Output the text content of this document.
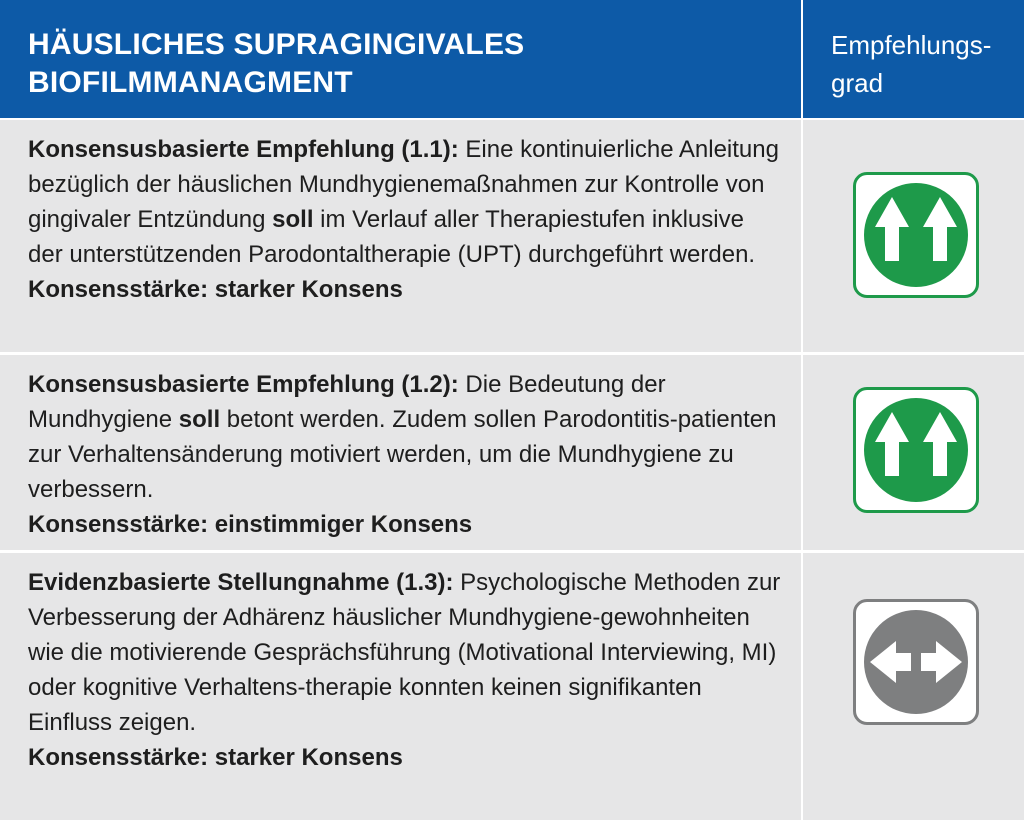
HÄUSLICHES SUPRAGINGIVALES
BIOFILMMANAGMENT
Empfehlungs-
grad
Konsensusbasierte Empfehlung (1.1): Eine kontinuierliche Anleitung bezüglich der häuslichen Mundhygienemaßnahmen zur Kontrolle von gingivaler Entzündung soll im Verlauf aller Therapiestufen inklusive der unterstützenden Parodontaltherapie (UPT) durchgeführt werden.
Konsensstärke: starker Konsens
Konsensusbasierte Empfehlung (1.2): Die Bedeutung der Mundhygiene soll betont werden. Zudem sollen Parodontitis-patienten zur Verhaltensänderung motiviert werden, um die Mundhygiene zu verbessern.
Konsensstärke: einstimmiger Konsens
Evidenzbasierte Stellungnahme (1.3): Psychologische Methoden zur Verbesserung der Adhärenz häuslicher Mundhygiene-gewohnheiten wie die motivierende Gesprächsführung (Motivational Interviewing, MI) oder kognitive Verhaltens-therapie konnten keinen signifikanten Einfluss zeigen.
Konsensstärke: starker Konsens
